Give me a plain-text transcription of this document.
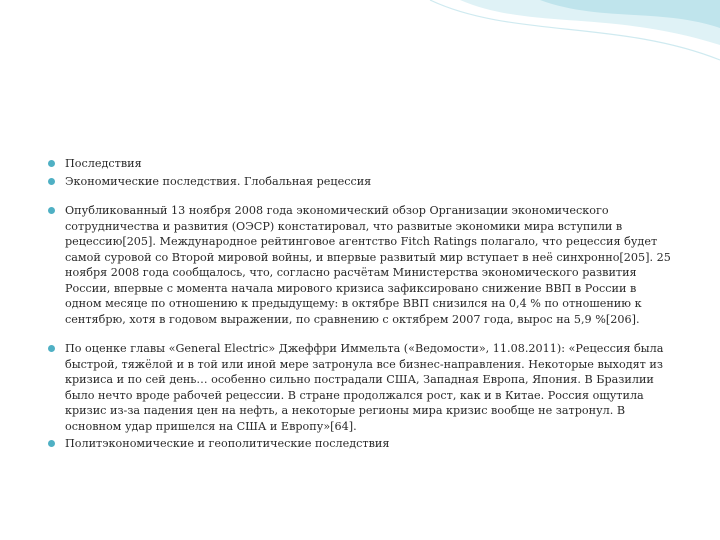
Последствия

Экономические последствия. Глобальная рецессия

Опубликованный 13 ноября 2008 года экономический обзор Организации экономического сотрудничества и развития (ОЭСР) констатировал, что развитые экономики мира вступили в рецессию[205]. Международное рейтинговое агентство Fitch Ratings полагало, что рецессия будет самой суровой со Второй мировой войны, и впервые развитый мир вступает в неё синхронно[205]. 25 ноября 2008 года сообщалось, что, согласно расчётам Министерства экономического развития России, впервые с момента начала мирового кризиса зафиксировано снижение ВВП в России в одном месяце по отношению к предыдущему: в октябре ВВП снизился на 0,4 % по отношению к сентябрю, хотя в годовом выражении, по сравнению с октябрем 2007 года, вырос на 5,9 %[206].

По оценке главы «General Electric» Джеффри Иммельта («Ведомости», 11.08.2011): «Рецессия была быстрой, тяжёлой и в той или иной мере затронула все бизнес-направления. Некоторые выходят из кризиса и по сей день… особенно сильно пострадали США, Западная Европа, Япония. В Бразилии было нечто вроде рабочей рецессии. В стране продолжался рост, как и в Китае. Россия ощутила кризис из-за падения цен на нефть, а некоторые регионы мира кризис вообще не затронул. В основном удар пришелся на США и Европу»[64].

Политэкономические и геополитические последствия
